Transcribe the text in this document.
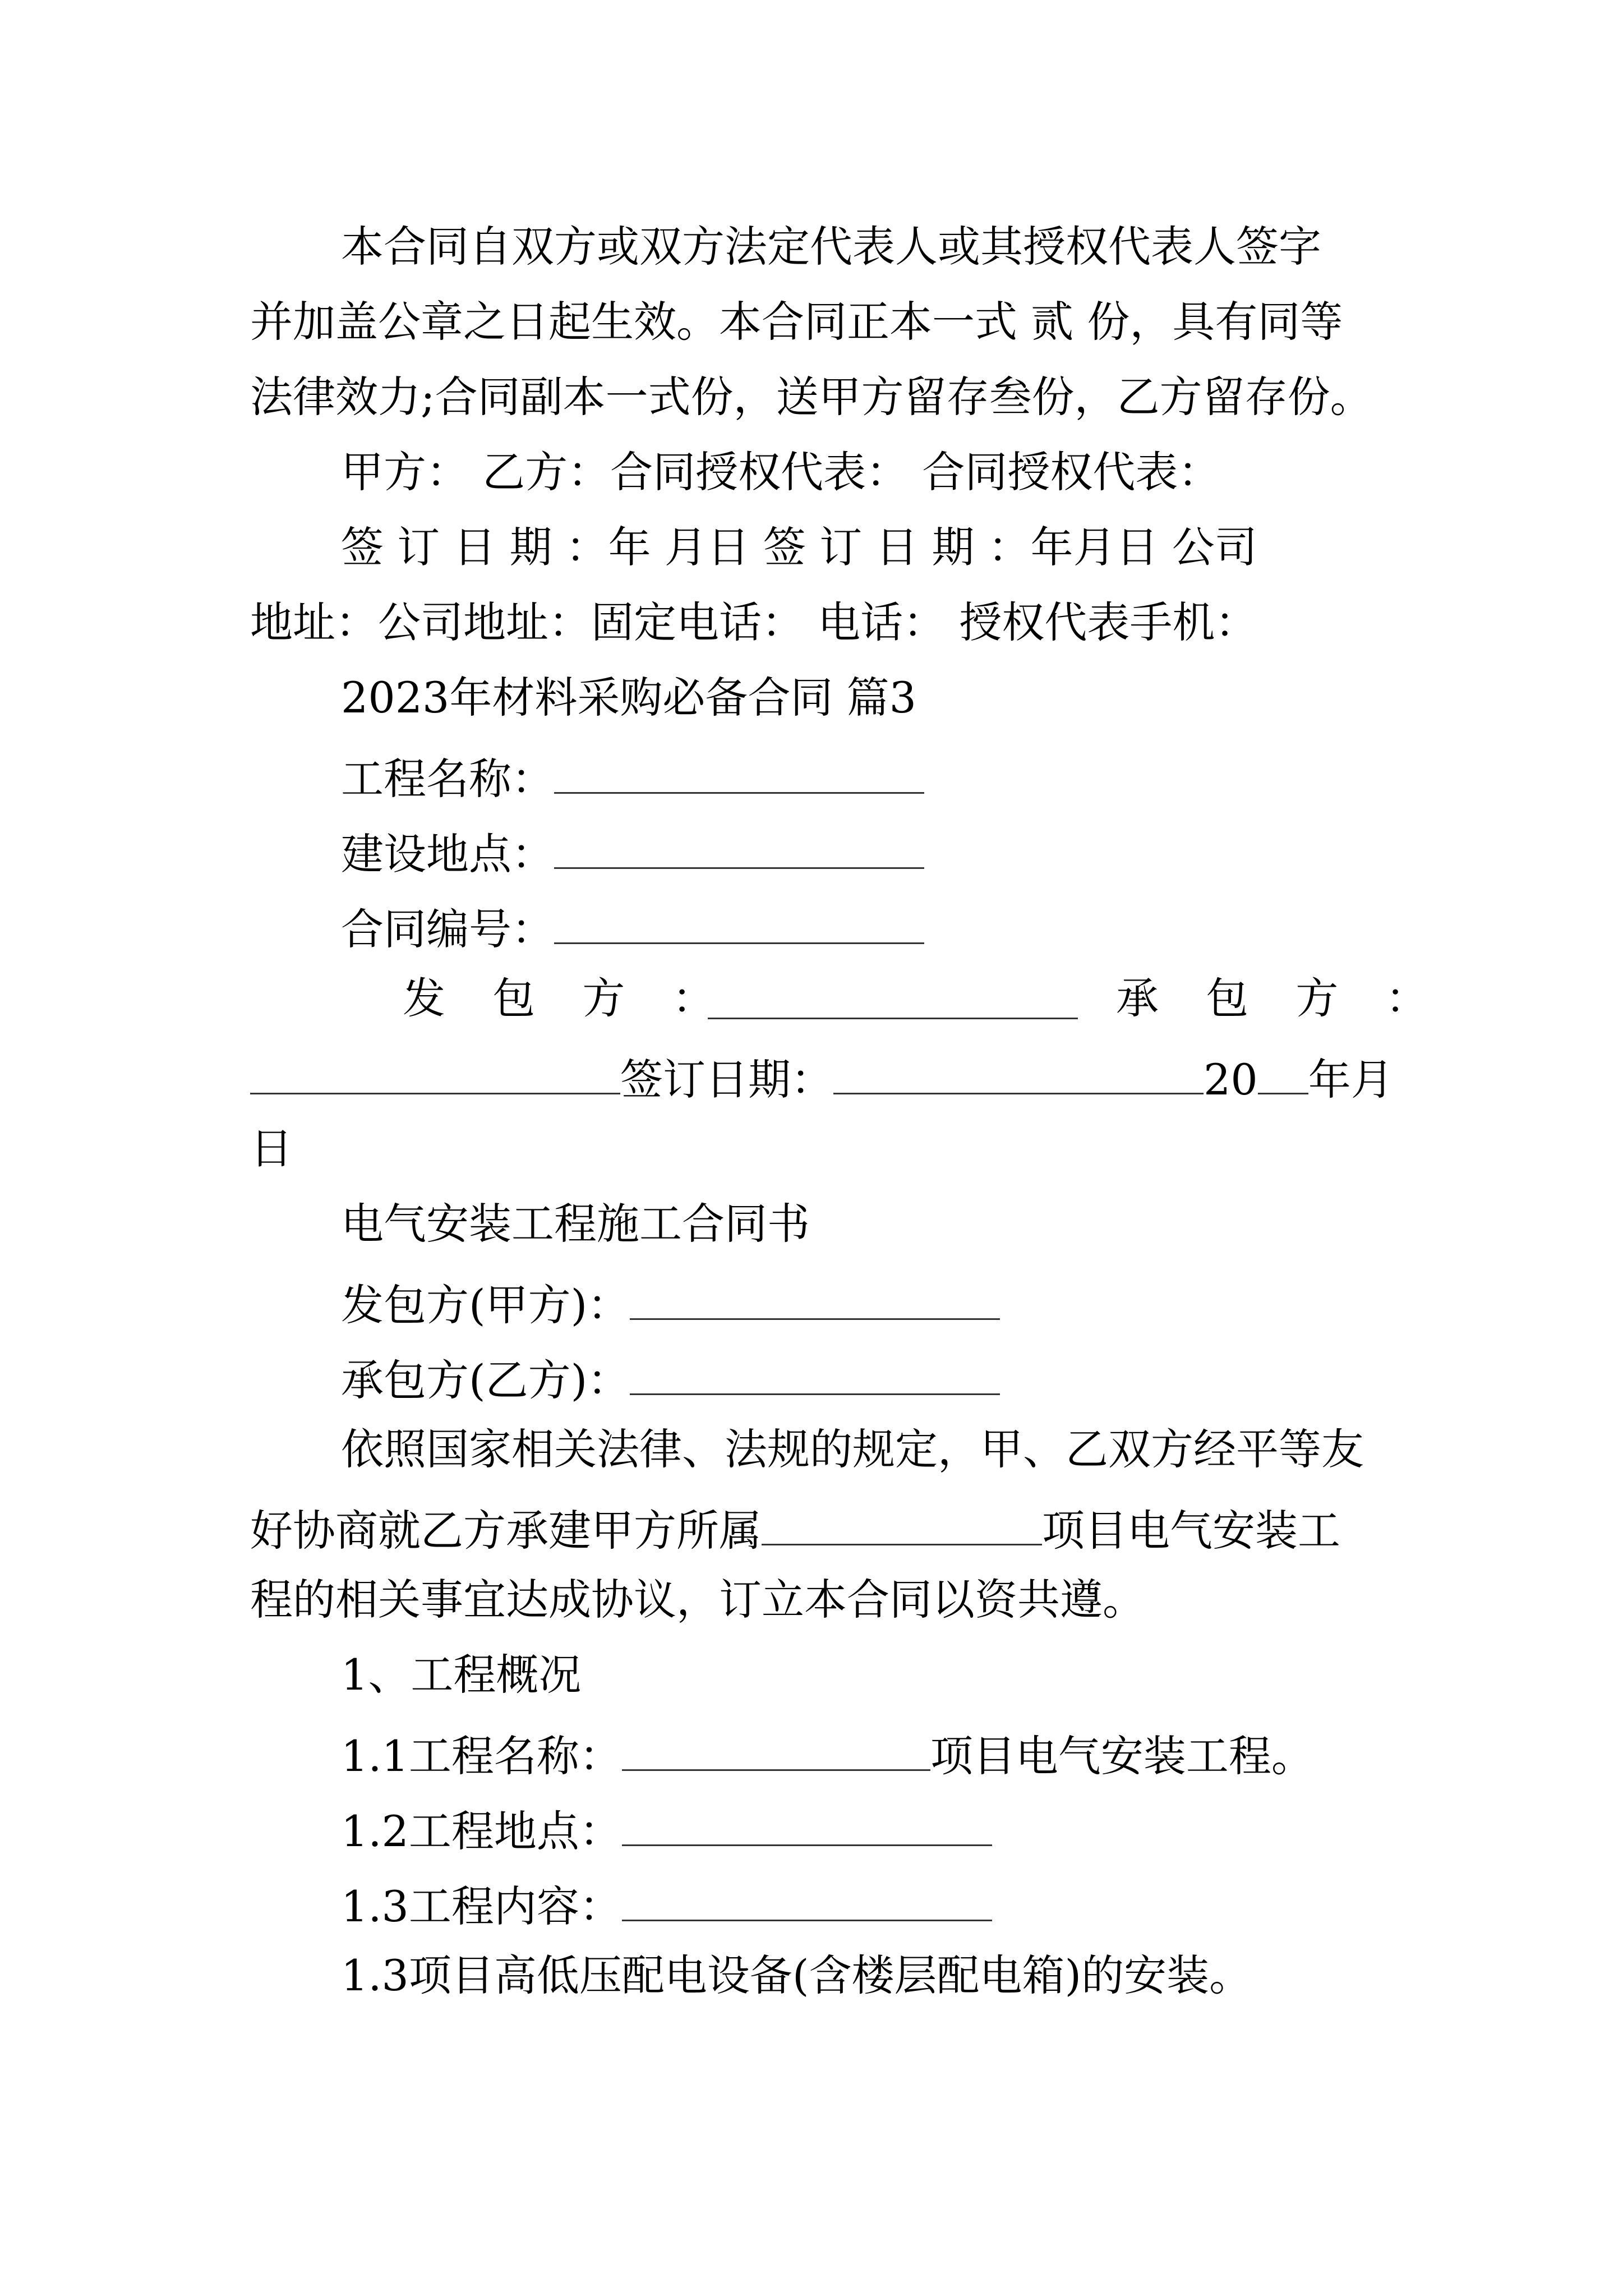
本合同自双方或双方法定代表人或其授权代表人签字
并加盖公章之日起生效。本合同正本一式 贰 份，具有同等
法律效力;合同副本一式份，送甲方留存叁份，乙方留存份。
甲方： 乙方：合同授权代表： 合同授权代表：
签 订 日 期 ：年 月日 签 订 日 期 ：年月日 公司
地址：公司地址：固定电话： 电话： 授权代表手机：
2023年材料采购必备合同 篇3
工程名称：
建设地点：
合同编号：
发 包 方 ：	承 包 方 ：
签订日期：	20 年月
日
电气安装工程施工合同书
发包方(甲方)：
承包方(乙方)：
依照国家相关法律、法规的规定，甲、乙双方经平等友
好协商就乙方承建甲方所属	项目电气安装工
程的相关事宜达成协议，订立本合同以资共遵。
1、工程概况
1.1工程名称：	项目电气安装工程。
1.2工程地点：
1.3工程内容：
1.3项目高低压配电设备(含楼层配电箱)的安装。
